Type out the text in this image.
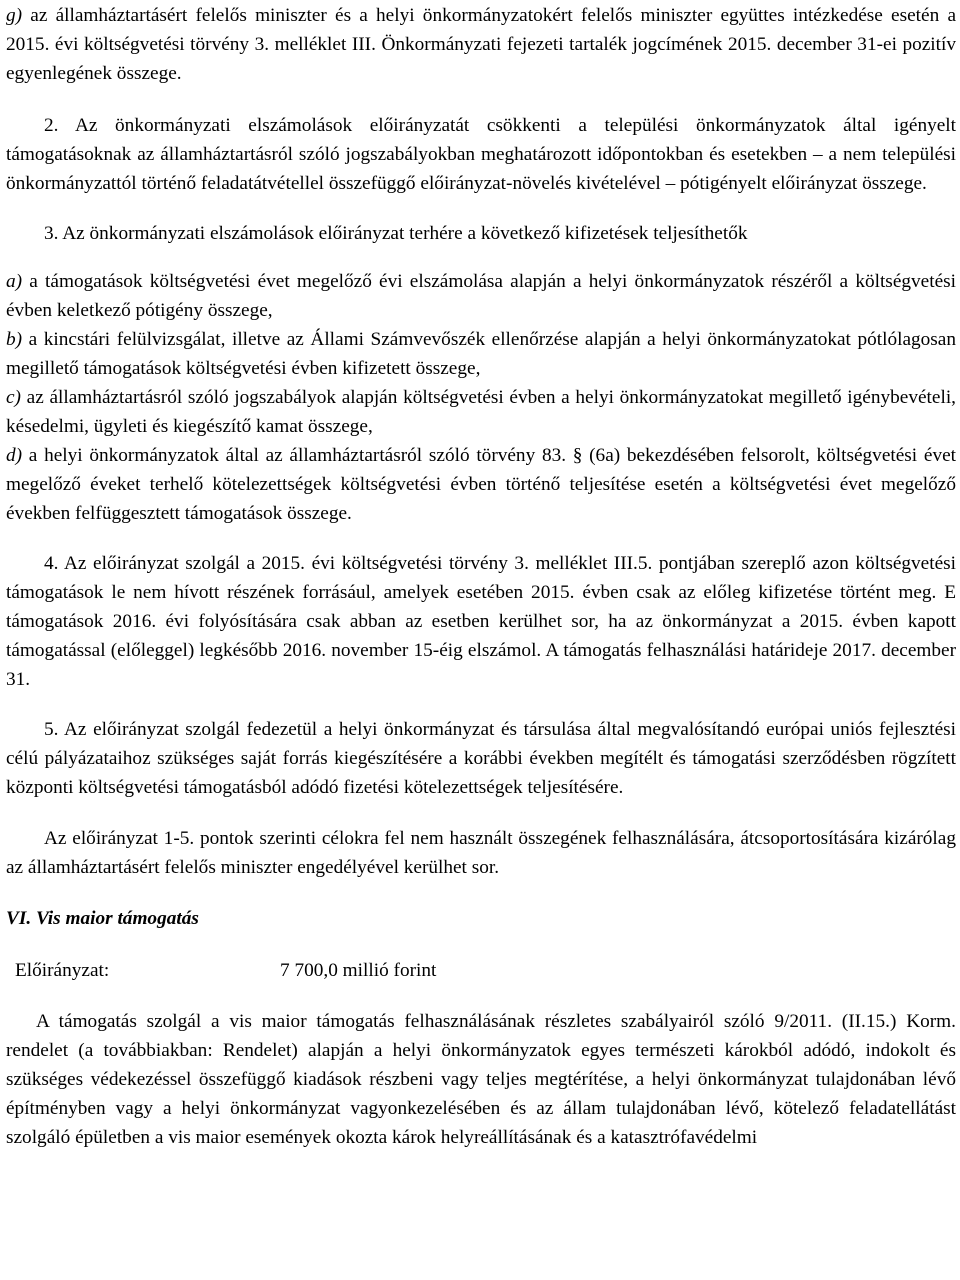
g) az államháztartásért felelős miniszter és a helyi önkormányzatokért felelős miniszter együttes intézkedése esetén a 2015. évi költségvetési törvény 3. melléklet III. Önkormányzati fejezeti tartalék jogcímének 2015. december 31-ei pozitív egyenlegének összege.

2. Az önkormányzati elszámolások előirányzatát csökkenti a települési önkormányzatok által igényelt támogatásoknak az államháztartásról szóló jogszabályokban meghatározott időpontokban és esetekben – a nem települési önkormányzattól történő feladatátvétellel összefüggő előirányzat-növelés kivételével – pótigényelt előirányzat összege.

3. Az önkormányzati elszámolások előirányzat terhére a következő kifizetések teljesíthetők

a) a támogatások költségvetési évet megelőző évi elszámolása alapján a helyi önkormányzatok részéről a költségvetési évben keletkező pótigény összege,

b) a kincstári felülvizsgálat, illetve az Állami Számvevőszék ellenőrzése alapján a helyi önkormányzatokat pótlólagosan megillető támogatások költségvetési évben kifizetett összege,

c) az államháztartásról szóló jogszabályok alapján költségvetési évben a helyi önkormányzatokat megillető igénybevételi, késedelmi, ügyleti és kiegészítő kamat összege,

d) a helyi önkormányzatok által az államháztartásról szóló törvény 83. § (6a) bekezdésében felsorolt, költségvetési évet megelőző éveket terhelő kötelezettségek költségvetési évben történő teljesítése esetén a költségvetési évet megelőző években felfüggesztett támogatások összege.

4. Az előirányzat szolgál a 2015. évi költségvetési törvény 3. melléklet III.5. pontjában szereplő azon költségvetési támogatások le nem hívott részének forrásául, amelyek esetében 2015. évben csak az előleg kifizetése történt meg. E támogatások 2016. évi folyósítására csak abban az esetben kerülhet sor, ha az önkormányzat a 2015. évben kapott támogatással (előleggel) legkésőbb 2016. november 15-éig elszámol. A támogatás felhasználási határideje 2017. december 31.

5. Az előirányzat szolgál fedezetül a helyi önkormányzat és társulása által megvalósítandó európai uniós fejlesztési célú pályázataihoz szükséges saját forrás kiegészítésére a korábbi években megítélt és támogatási szerződésben rögzített központi költségvetési támogatásból adódó fizetési kötelezettségek teljesítésére.

Az előirányzat 1-5. pontok szerinti célokra fel nem használt összegének felhasználására, átcsoportosítására kizárólag az államháztartásért felelős miniszter engedélyével kerülhet sor.

VI. Vis maior támogatás

Előirányzat:	7 700,0 millió forint

A támogatás szolgál a vis maior támogatás felhasználásának részletes szabályairól szóló 9/2011. (II.15.) Korm. rendelet (a továbbiakban: Rendelet) alapján a helyi önkormányzatok egyes természeti károkból adódó, indokolt és szükséges védekezéssel összefüggő kiadások részbeni vagy teljes megtérítése, a helyi önkormányzat tulajdonában lévő építményben vagy a helyi önkormányzat vagyonkezelésében és az állam tulajdonában lévő, kötelező feladatellátást szolgáló épületben a vis maior események okozta károk helyreállításának és a katasztrófavédelmi
